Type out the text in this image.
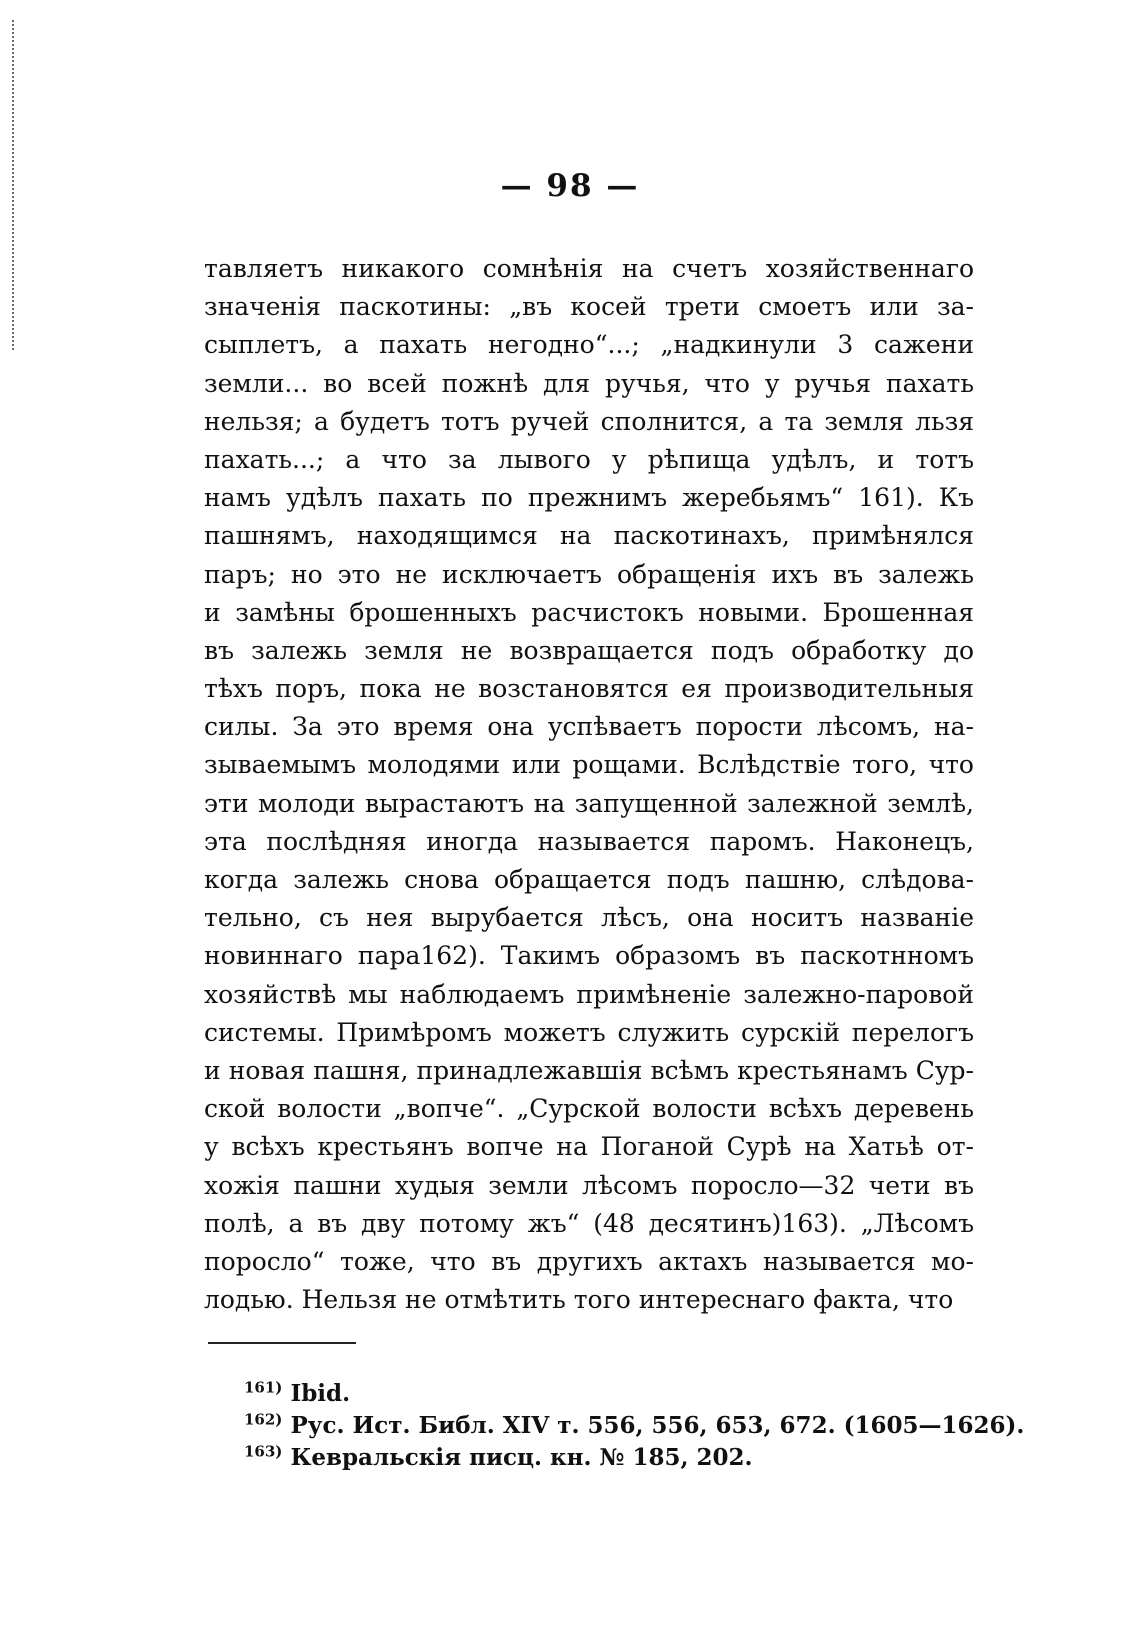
— 98 —
тавляетъ никакого сомнѣнія на счетъ хозяйственнаго
значенія паскотины: „въ косей трети смоетъ или за-
сыплетъ, а пахать негодно“...; „надкинули 3 сажени
земли... во всей пожнѣ для ручья, что у ручья пахать
нельзя; а будетъ тотъ ручей сполнится, а та земля льзя
пахать...; а что за лывого у рѣпища удѣлъ, и тотъ
намъ удѣлъ пахать по прежнимъ жеребьямъ“ 161). Къ
пашнямъ, находящимся на паскотинахъ, примѣнялся
паръ; но это не исключаетъ обращенія ихъ въ залежь
и замѣны брошенныхъ расчистокъ новыми. Брошенная
въ залежь земля не возвращается подъ обработку до
тѣхъ поръ, пока не возстановятся ея производительныя
силы. За это время она успѣваетъ порости лѣсомъ, на-
зываемымъ молодями или рощами. Вслѣдствіе того, что
эти молоди вырастаютъ на запущенной залежной землѣ,
эта послѣдняя иногда называется паромъ. Наконецъ,
когда залежь снова обращается подъ пашню, слѣдова-
тельно, съ нея вырубается лѣсъ, она носитъ названіе
новиннаго пара162). Такимъ образомъ въ паскотнномъ
хозяйствѣ мы наблюдаемъ примѣненіе залежно-паровой
системы. Примѣромъ можетъ служить сурскій перелогъ
и новая пашня, принадлежавшія всѣмъ крестьянамъ Сур-
ской волости „вопче“. „Сурской волости всѣхъ деревень
у всѣхъ крестьянъ вопче на Поганой Сурѣ на Хатьѣ от-
хожія пашни худыя земли лѣсомъ поросло—32 чети въ
полѣ, а въ дву потому жъ“ (48 десятинъ)163). „Лѣсомъ
поросло“ тоже, что въ другихъ актахъ называется мо-
лодью. Нельзя не отмѣтить того интереснаго факта, что
$^{161)}$ Ibid.
$^{162)}$ Рус. Ист. Библ. XIV т. 556, 556, 653, 672. (1605—1626).
$^{163)}$ Кевральскія писц. кн. № 185, 202.
